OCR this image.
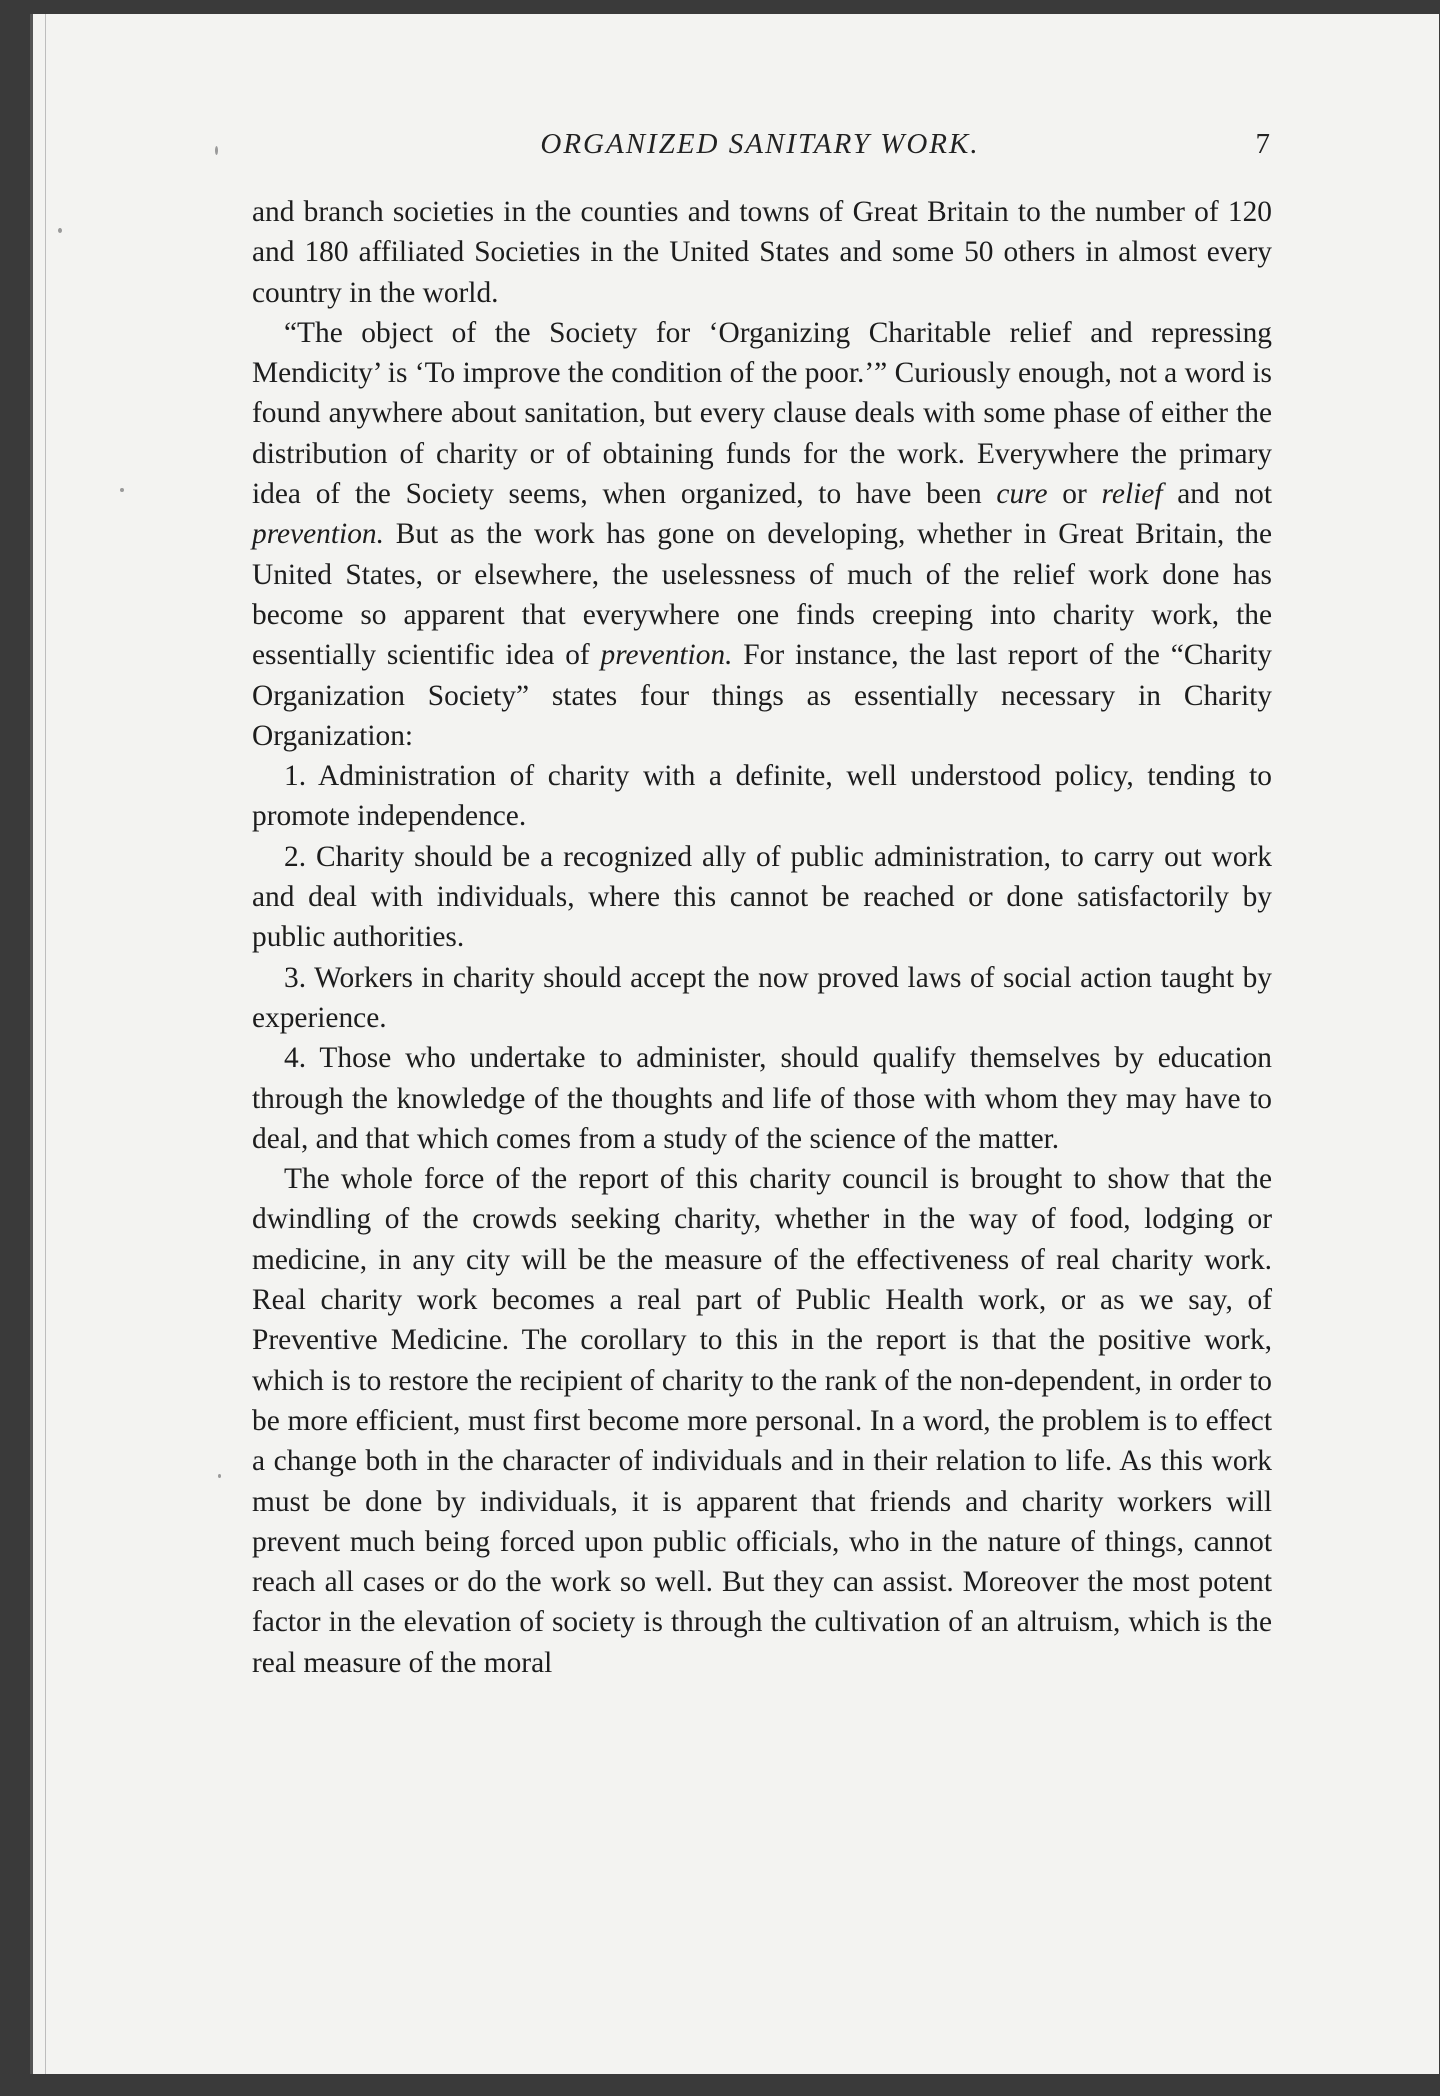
ORGANIZED SANITARY WORK.	7

and branch societies in the counties and towns of Great Britain to the number of 120 and 180 affiliated Societies in the United States and some 50 others in almost every country in the world.

“The object of the Society for ‘Organizing Charitable relief and repressing Mendicity’ is ‘To improve the condition of the poor.’” Curiously enough, not a word is found anywhere about sanitation, but every clause deals with some phase of either the distribution of charity or of obtaining funds for the work. Everywhere the primary idea of the Society seems, when organized, to have been cure or relief and not prevention. But as the work has gone on developing, whether in Great Britain, the United States, or elsewhere, the uselessness of much of the relief work done has become so apparent that everywhere one finds creeping into charity work, the essentially scientific idea of prevention. For instance, the last report of the “Charity Organization Society” states four things as essentially necessary in Charity Organization:

1. Administration of charity with a definite, well understood policy, tending to promote independence.

2. Charity should be a recognized ally of public administration, to carry out work and deal with individuals, where this cannot be reached or done satisfactorily by public authorities.

3. Workers in charity should accept the now proved laws of social action taught by experience.

4. Those who undertake to administer, should qualify themselves by education through the knowledge of the thoughts and life of those with whom they may have to deal, and that which comes from a study of the science of the matter.

The whole force of the report of this charity council is brought to show that the dwindling of the crowds seeking charity, whether in the way of food, lodging or medicine, in any city will be the measure of the effectiveness of real charity work. Real charity work becomes a real part of Public Health work, or as we say, of Preventive Medicine. The corollary to this in the report is that the positive work, which is to restore the recipient of charity to the rank of the non-dependent, in order to be more efficient, must first become more personal. In a word, the problem is to effect a change both in the character of individuals and in their relation to life. As this work must be done by individuals, it is apparent that friends and charity workers will prevent much being forced upon public officials, who in the nature of things, cannot reach all cases or do the work so well. But they can assist. Moreover the most potent factor in the elevation of society is through the cultivation of an altruism, which is the real measure of the moral
